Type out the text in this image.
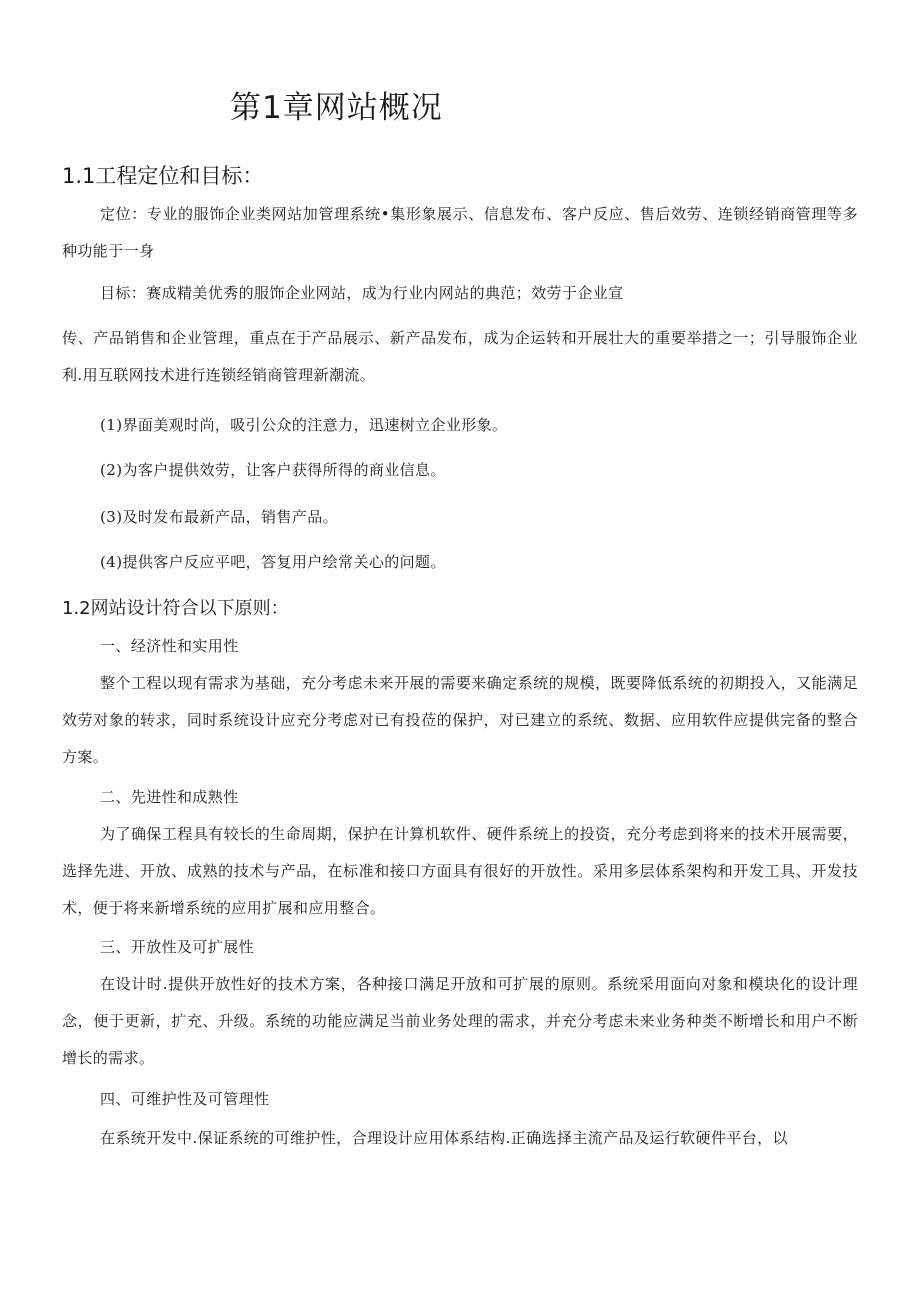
第1章网站概况
1.1工程定位和目标：

定位：专业的服饰企业类网站加管理系统•集形象展示、信息发布、客户反应、售后效劳、连锁经销商管理等多种功能于一身

目标：赛成精美优秀的服饰企业网站，成为行业内网站的典范；效劳于企业宣

传、产品销售和企业管理，重点在于产品展示、新产品发布，成为企运转和开展壮大的重要举措之一；引导服饰企业利.用互联网技术进行连锁经销商管理新潮流。

(1)界面美观时尚，吸引公众的注意力，迅速树立企业形象。

(2)为客户提供效劳，让客户获得所得的商业信息。

(3)及时发布最新产品，销售产品。

(4)提供客户反应平吧，答复用户绘常关心的问题。

1.2网站设计符合以下原则：

一、经济性和实用性

整个工程以现有需求为基础，充分考虑未来开展的需要来确定系统的规模，既要降低系统的初期投入，又能满足效劳对象的转求，同时系统设计应充分考虑对已有投莅的保护，对已建立的系统、数据、应用软件应提供完备的整合方案。

二、先进性和成熟性

为了确保工程具有较长的生命周期，保护在计算机软件、硬件系统上的投资，充分考虑到将来的技术开展需要，选择先进、开放、成熟的技术与产品，在标准和接口方面具有很好的开放性。采用多层体系架构和开发工具、开发技术，便于将来新增系统的应用扩展和应用整合。

三、开放性及可扩展性

在设计时.提供开放性好的技术方案，各种接口满足开放和可扩展的原则。系统采用面向对象和模块化的设计理念，便于更新，扩充、升级。系统的功能应满足当前业务处理的需求，并充分考虑未来业务种类不断增长和用户不断增长的需求。

四、可维护性及可管理性

在系统开发中.保证系统的可维护性，合理设计应用体系结构.正确选择主流产品及运行软硬件平台，以
